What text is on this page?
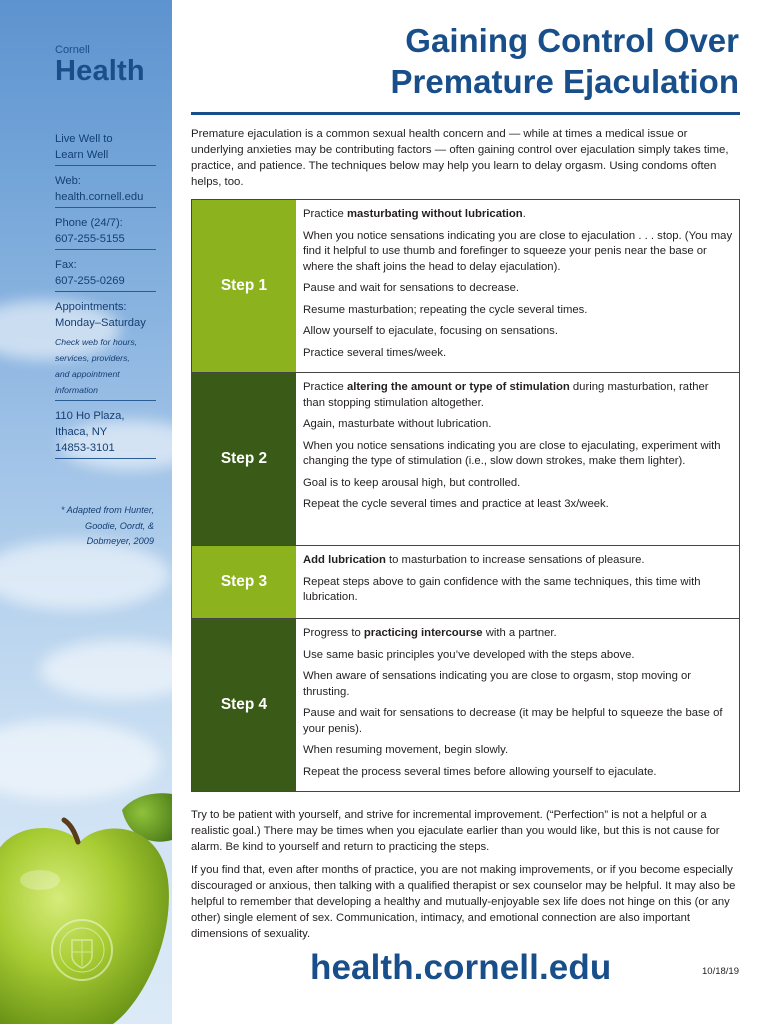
Cornell
Health
Live Well to
Learn Well
Web:
health.cornell.edu
Phone (24/7):
607-255-5155
Fax:
607-255-0269
Appointments:
Monday–Saturday
Check web for hours,
services, providers,
and appointment
information
110 Ho Plaza,
Ithaca, NY
14853-3101
* Adapted from Hunter,
Goodie, Oordt, &
Dobmeyer, 2009
Gaining Control Over
Premature Ejaculation

Premature ejaculation is a common sexual health concern and — while at times a medical issue or underlying anxieties may be contributing factors — often gaining control over ejaculation simply takes time, practice, and patience. The techniques below may help you learn to delay orgasm. Using condoms often helps, too.

Step 1
Practice masturbating without lubrication.
When you notice sensations indicating you are close to ejaculation . . . stop. (You may find it helpful to use thumb and forefinger to squeeze your penis near the base or where the shaft joins the head to delay ejaculation).
Pause and wait for sensations to decrease.
Resume masturbation; repeating the cycle several times.
Allow yourself to ejaculate, focusing on sensations.
Practice several times/week.
Step 2
Practice altering the amount or type of stimulation during masturbation, rather than stopping stimulation altogether.
Again, masturbate without lubrication.
When you notice sensations indicating you are close to ejaculating, experiment with changing the type of stimulation (i.e., slow down strokes, make them lighter).
Goal is to keep arousal high, but controlled.
Repeat the cycle several times and practice at least 3x/week.
Step 3
Add lubrication to masturbation to increase sensations of pleasure.
Repeat steps above to gain confidence with the same techniques, this time with lubrication.
Step 4
Progress to practicing intercourse with a partner.
Use same basic principles you’ve developed with the steps above.
When aware of sensations indicating you are close to orgasm, stop moving or thrusting.
Pause and wait for sensations to decrease (it may be helpful to squeeze the base of your penis).
When resuming movement, begin slowly.
Repeat the process several times before allowing yourself to ejaculate.

Try to be patient with yourself, and strive for incremental improvement. (“Perfection” is not a helpful or a realistic goal.) There may be times when you ejaculate earlier than you would like, but this is not cause for alarm. Be kind to yourself and return to practicing the steps.

If you find that, even after months of practice, you are not making improvements, or if you become especially discouraged or anxious, then talking with a qualified therapist or sex counselor may be helpful. It may also be helpful to remember that developing a healthy and mutually-enjoyable sex life does not hinge on this (or any other) single element of sex. Communication, intimacy, and emotional connection are also important dimensions of sexuality.

health.cornell.edu	10/18/19
